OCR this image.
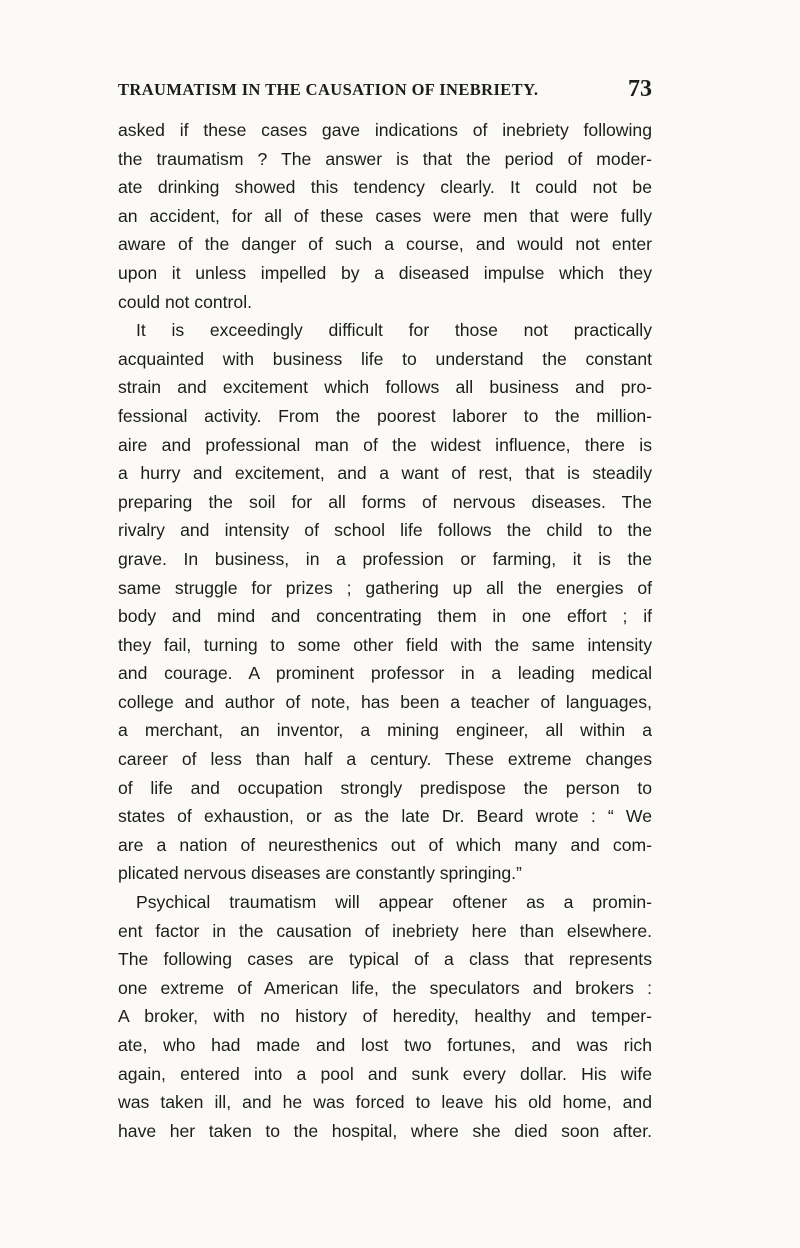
TRAUMATISM IN THE CAUSATION OF INEBRIETY.	73
asked if these cases gave indications of inebriety following
the traumatism ? The answer is that the period of moder-
ate drinking showed this tendency clearly. It could not be
an accident, for all of these cases were men that were fully
aware of the danger of such a course, and would not enter
upon it unless impelled by a diseased impulse which they
could not control.
It is exceedingly difficult for those not practically
acquainted with business life to understand the constant
strain and excitement which follows all business and pro-
fessional activity. From the poorest laborer to the million-
aire and professional man of the widest influence, there is
a hurry and excitement, and a want of rest, that is steadily
preparing the soil for all forms of nervous diseases. The
rivalry and intensity of school life follows the child to the
grave. In business, in a profession or farming, it is the
same struggle for prizes ; gathering up all the energies of
body and mind and concentrating them in one effort ; if
they fail, turning to some other field with the same intensity
and courage. A prominent professor in a leading medical
college and author of note, has been a teacher of languages,
a merchant, an inventor, a mining engineer, all within a
career of less than half a century. These extreme changes
of life and occupation strongly predispose the person to
states of exhaustion, or as the late Dr. Beard wrote : “ We
are a nation of neuresthenics out of which many and com-
plicated nervous diseases are constantly springing.”
Psychical traumatism will appear oftener as a promin-
ent factor in the causation of inebriety here than elsewhere.
The following cases are typical of a class that represents
one extreme of American life, the speculators and brokers :
A broker, with no history of heredity, healthy and temper-
ate, who had made and lost two fortunes, and was rich
again, entered into a pool and sunk every dollar. His wife
was taken ill, and he was forced to leave his old home, and
have her taken to the hospital, where she died soon after.
